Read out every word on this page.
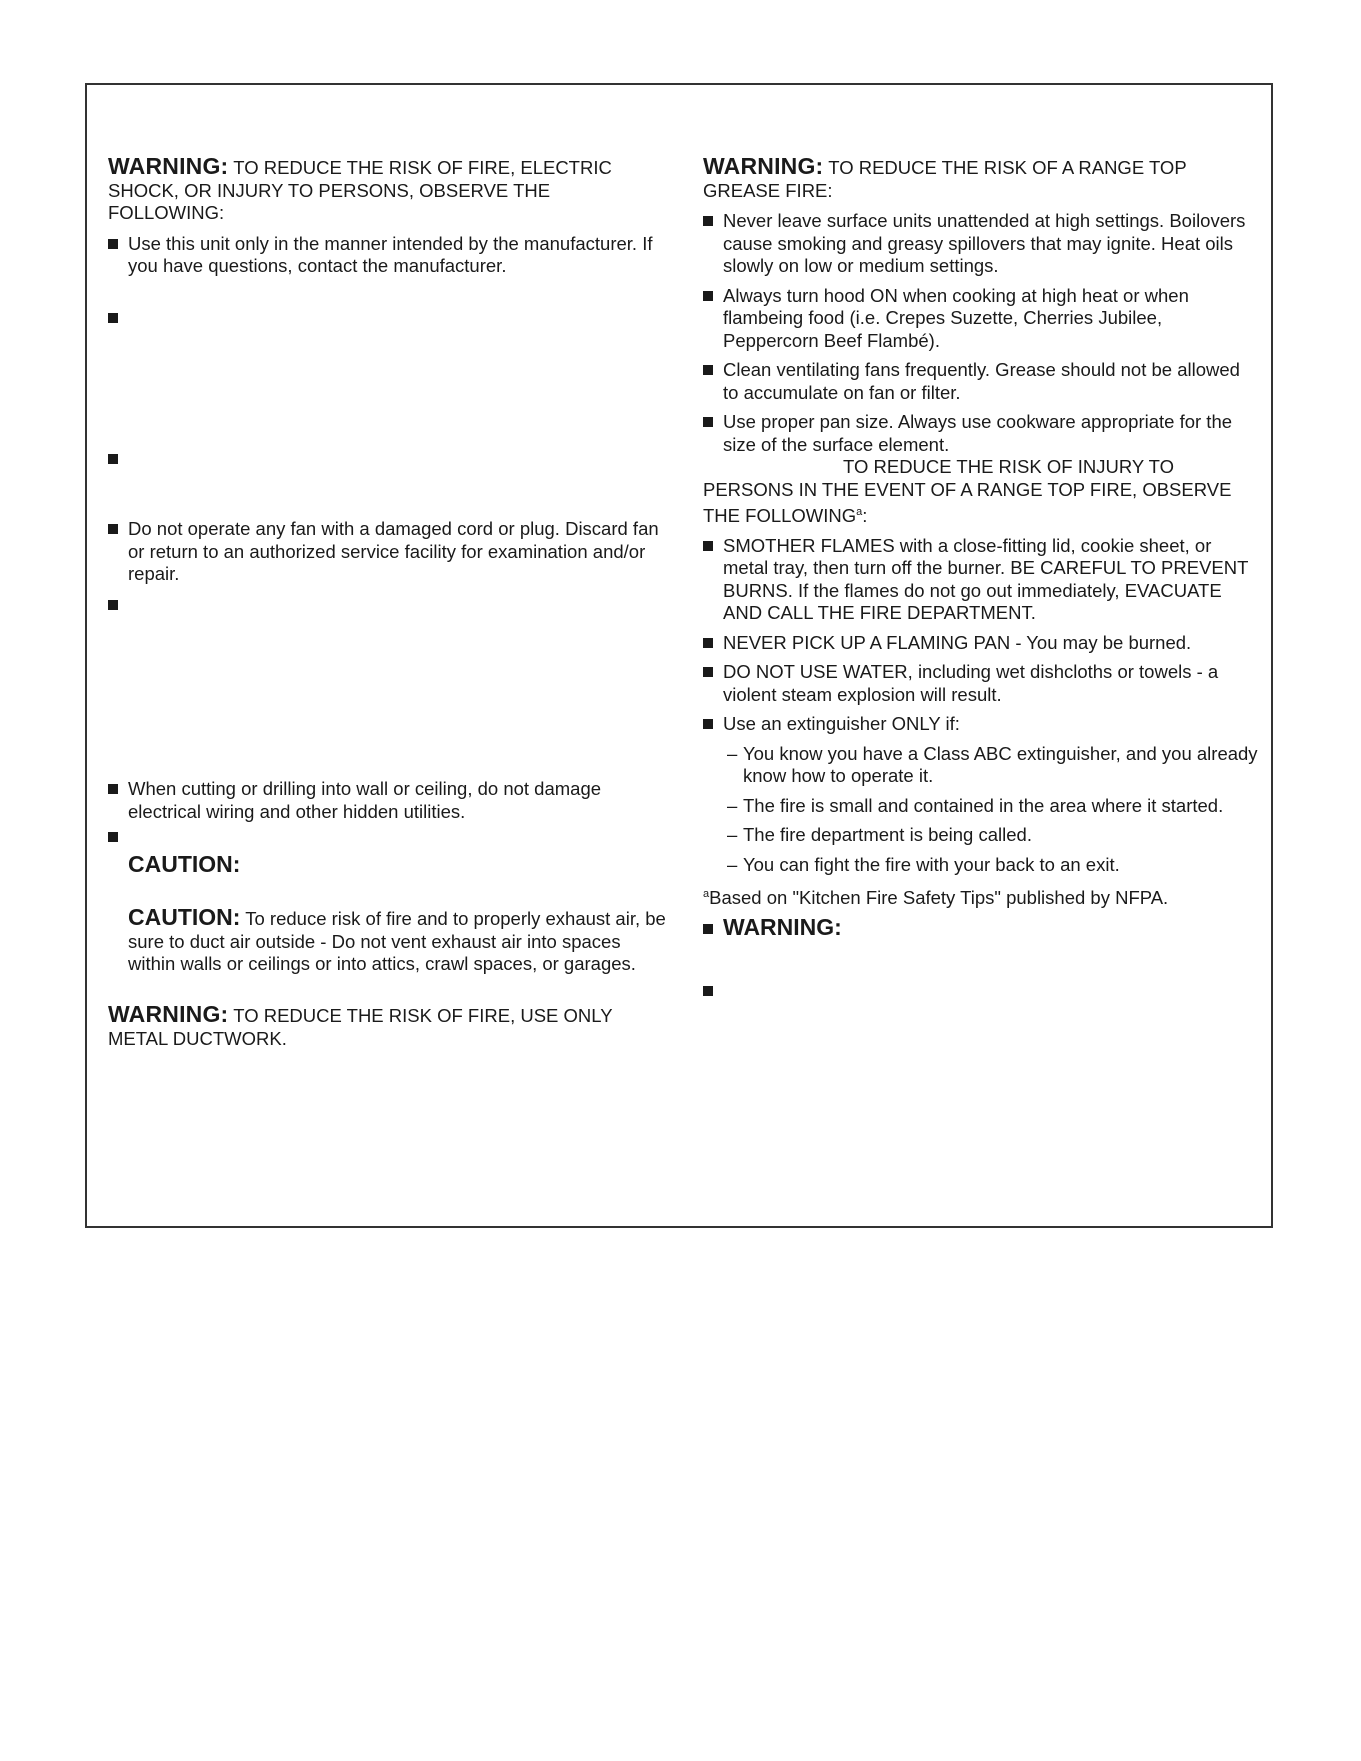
WARNING: TO REDUCE THE RISK OF FIRE, ELECTRIC SHOCK, OR INJURY TO PERSONS, OBSERVE THE FOLLOWING:

Use this unit only in the manner intended by the manufacturer. If you have questions, contact the manufacturer.

Do not operate any fan with a damaged cord or plug. Discard fan or return to an authorized service facility for examination and/or repair.

When cutting or drilling into wall or ceiling, do not damage electrical wiring and other hidden utilities.

CAUTION:
CAUTION: To reduce risk of fire and to properly exhaust air, be sure to duct air outside - Do not vent exhaust air into spaces within walls or ceilings or into attics, crawl spaces, or garages.

WARNING: TO REDUCE THE RISK OF FIRE, USE ONLY METAL DUCTWORK.

WARNING: TO REDUCE THE RISK OF A RANGE TOP GREASE FIRE:

Never leave surface units unattended at high settings. Boilovers cause smoking and greasy spillovers that may ignite. Heat oils slowly on low or medium settings.
Always turn hood ON when cooking at high heat or when flambeing food (i.e. Crepes Suzette, Cherries Jubilee, Peppercorn Beef Flambé).
Clean ventilating fans frequently. Grease should not be allowed to accumulate on fan or filter.
Use proper pan size. Always use cookware appropriate for the size of the surface element.
TO REDUCE THE RISK OF INJURY TO
PERSONS IN THE EVENT OF A RANGE TOP FIRE, OBSERVE THE FOLLOWING$^a$:
SMOTHER FLAMES with a close-fitting lid, cookie sheet, or metal tray, then turn off the burner. BE CAREFUL TO PREVENT BURNS. If the flames do not go out immediately, EVACUATE AND CALL THE FIRE DEPARTMENT.
NEVER PICK UP A FLAMING PAN - You may be burned.
DO NOT USE WATER, including wet dishcloths or towels - a violent steam explosion will result.
Use an extinguisher ONLY if:
– You know you have a Class ABC extinguisher, and you already know how to operate it.
– The fire is small and contained in the area where it started.
– The fire department is being called.
– You can fight the fire with your back to an exit.
$^a$Based on "Kitchen Fire Safety Tips" published by NFPA.
WARNING:
